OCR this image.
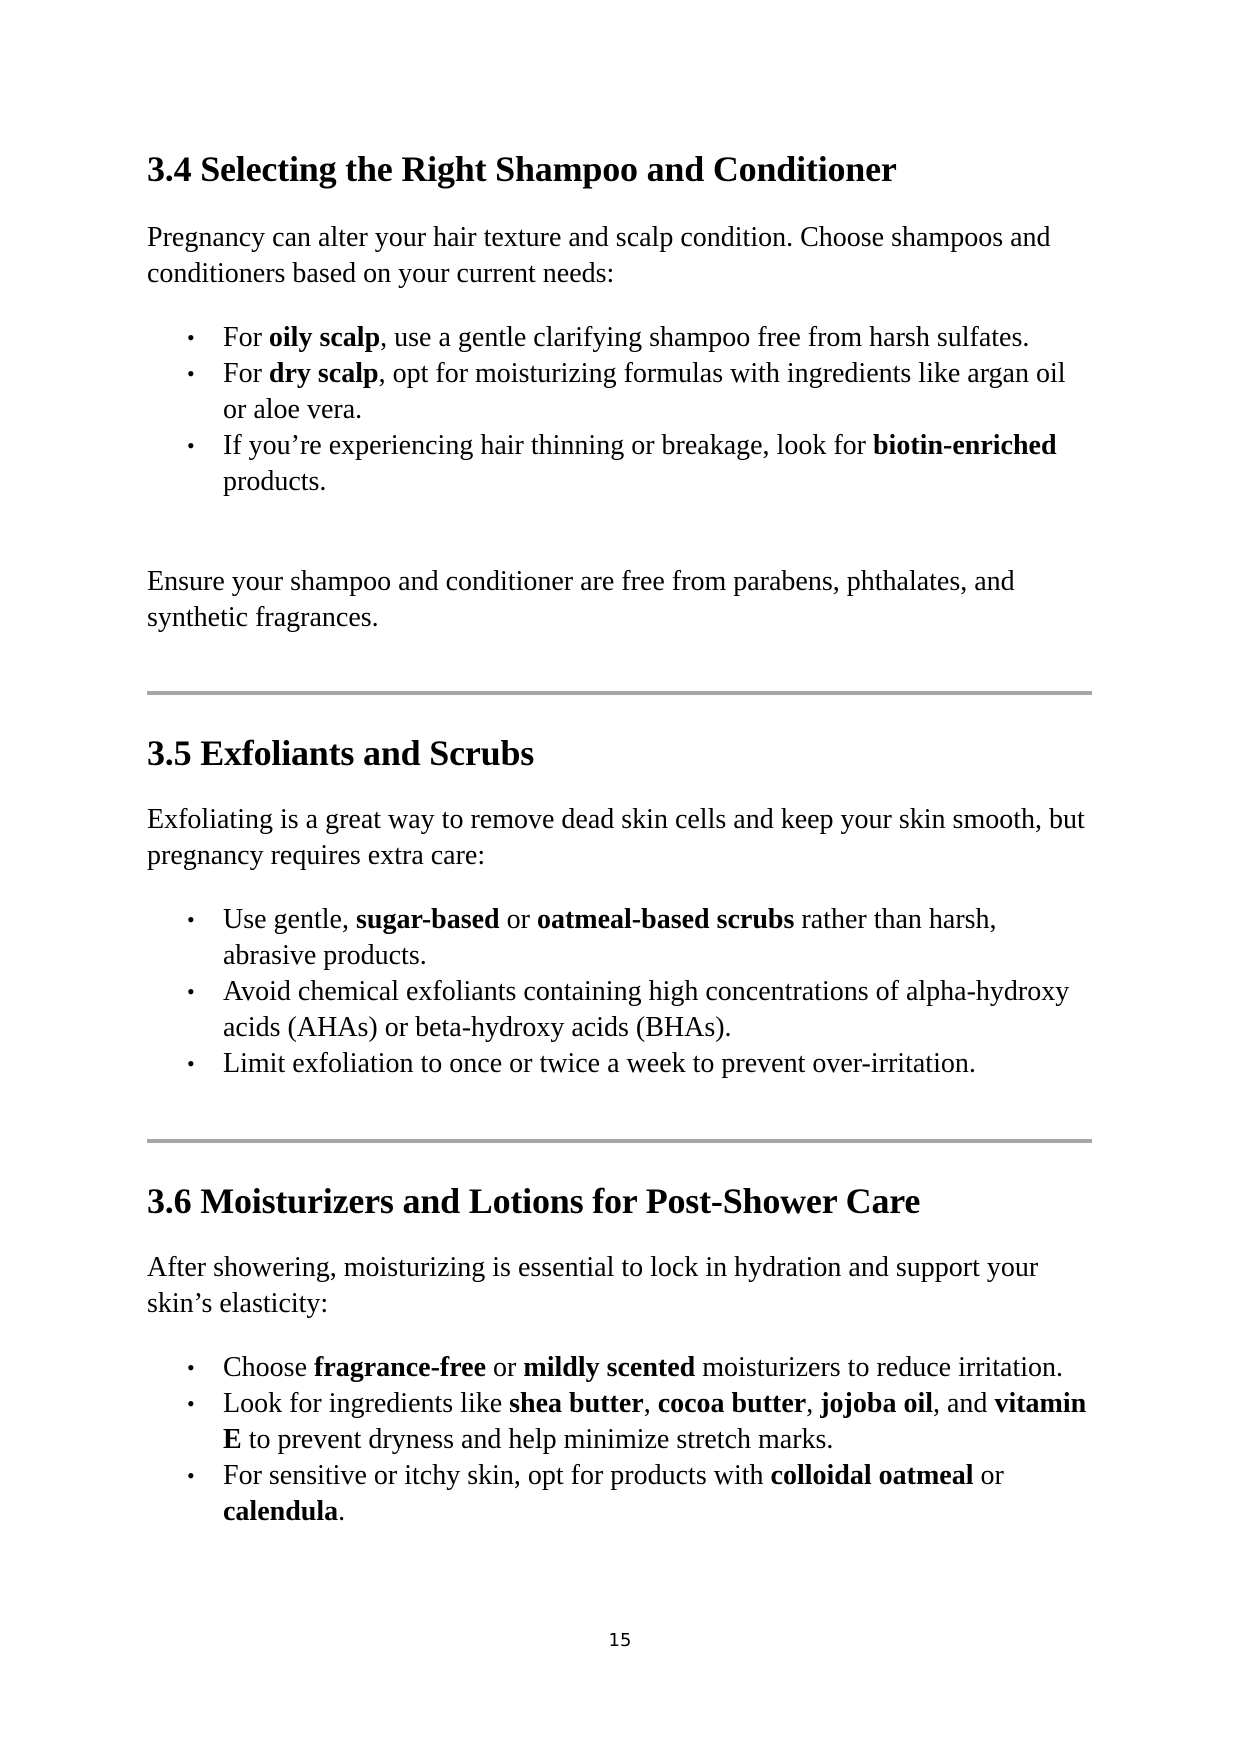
3.4 Selecting the Right Shampoo and Conditioner

Pregnancy can alter your hair texture and scalp condition. Choose shampoos and conditioners based on your current needs:

• For oily scalp, use a gentle clarifying shampoo free from harsh sulfates.
• For dry scalp, opt for moisturizing formulas with ingredients like argan oil or aloe vera.
• If you’re experiencing hair thinning or breakage, look for biotin-enriched products.

Ensure your shampoo and conditioner are free from parabens, phthalates, and synthetic fragrances.

3.5 Exfoliants and Scrubs

Exfoliating is a great way to remove dead skin cells and keep your skin smooth, but pregnancy requires extra care:

• Use gentle, sugar-based or oatmeal-based scrubs rather than harsh, abrasive products.
• Avoid chemical exfoliants containing high concentrations of alpha-hydroxy acids (AHAs) or beta-hydroxy acids (BHAs).
• Limit exfoliation to once or twice a week to prevent over-irritation.
3.6 Moisturizers and Lotions for Post-Shower Care

After showering, moisturizing is essential to lock in hydration and support your skin’s elasticity:

• Choose fragrance-free or mildly scented moisturizers to reduce irritation.
• Look for ingredients like shea butter, cocoa butter, jojoba oil, and vitamin E to prevent dryness and help minimize stretch marks.
• For sensitive or itchy skin, opt for products with colloidal oatmeal or calendula.
15
